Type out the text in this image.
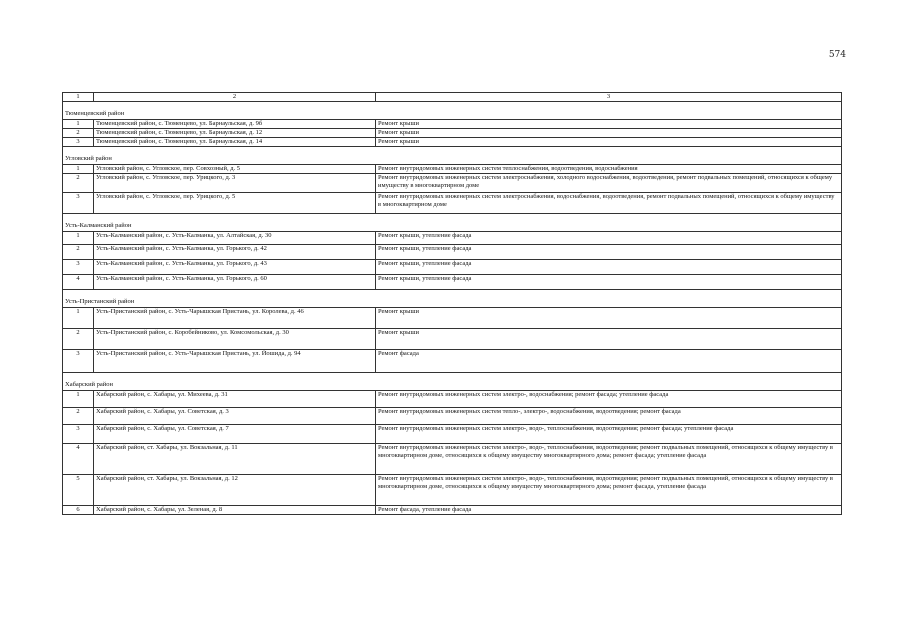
574
1	2	3
Тюменцевский район		
1	Тюменцевский район, с. Тюменцево, ул. Барнаульская, д. 9б	Ремонт крыши
2	Тюменцевский район, с. Тюменцево, ул. Барнаульская, д. 12	Ремонт крыши
3	Тюменцевский район, с. Тюменцево, ул. Барнаульская, д. 14	Ремонт крыши
Угловский район		
1	Угловский район, с. Угловское, пер. Совхозный, д. 5	Ремонт внутридомовых инженерных систем теплоснабжения, водоотведения, водоснабжения
2	Угловский район, с. Угловское, пер. Урицкого, д. 3	Ремонт внутридомовых инженерных систем электроснабжения, холодного водоснабжения, водоотведения, ремонт подвальных помещений, относящихся к общему имуществу в многоквартирном доме
3	Угловский район, с. Угловское, пер. Урицкого, д. 5	Ремонт внутридомовых инженерных систем электроснабжения, водоснабжения, водоотведения, ремонт подвальных помещений, относящихся к общему имуществу в многоквартирном доме
Усть-Калманский район		
1	Усть-Калманский район, с. Усть-Калманка, ул. Алтайская, д. 30	Ремонт крыши, утепление фасада
2	Усть-Калманский район, с. Усть-Калманка, ул. Горького, д. 42	Ремонт крыши, утепление фасада
3	Усть-Калманский район, с. Усть-Калманка, ул. Горького, д. 43	Ремонт крыши, утепление фасада
4	Усть-Калманский район, с. Усть-Калманка, ул. Горького, д. 60	Ремонт крыши, утепление фасада
Усть-Пристанский район		
1	Усть-Пристанский район, с. Усть-Чарышская Пристань, ул. Королева, д. 46	Ремонт крыши
2	Усть-Пристанский район, с. Коробейниково, ул. Комсомольская, д. 30	Ремонт крыши
3	Усть-Пристанский район, с. Усть-Чарышская Пристань, ул. Йошида, д. 94	Ремонт фасада
Хабарский район		
1	Хабарский район, с. Хабары, ул. Михеева, д. 31	Ремонт внутридомовых инженерных систем электро-, водоснабжения; ремонт фасада; утепление фасада
2	Хабарский район, с. Хабары, ул. Советская, д. 3	Ремонт внутридомовых инженерных систем тепло-, электро-, водоснабжения, водоотведения; ремонт фасада
3	Хабарский район, с. Хабары, ул. Советская, д. 7	Ремонт внутридомовых инженерных систем электро-, водо-, теплоснабжения, водоотведения; ремонт фасада; утепление фасада
4	Хабарский район, ст. Хабары, ул. Вокзальная, д. 11	Ремонт внутридомовых инженерных систем электро-, водо-, теплоснабжения, водоотведения; ремонт подвальных помещений, относящихся к общему имуществу в многоквартирном доме, относящихся к общему имуществу многоквартирного дома; ремонт фасада; утепление фасада
5	Хабарский район, ст. Хабары, ул. Вокзальная, д. 12	Ремонт внутридомовых инженерных систем электро-, водо-, теплоснабжения, водоотведения; ремонт подвальных помещений, относящихся к общему имуществу в многоквартирном доме, относящихся к общему имуществу многоквартирного дома; ремонт фасада, утепление фасада
6	Хабарский район, с. Хабары, ул. Зеленая, д. 8	Ремонт фасада, утепление фасада
